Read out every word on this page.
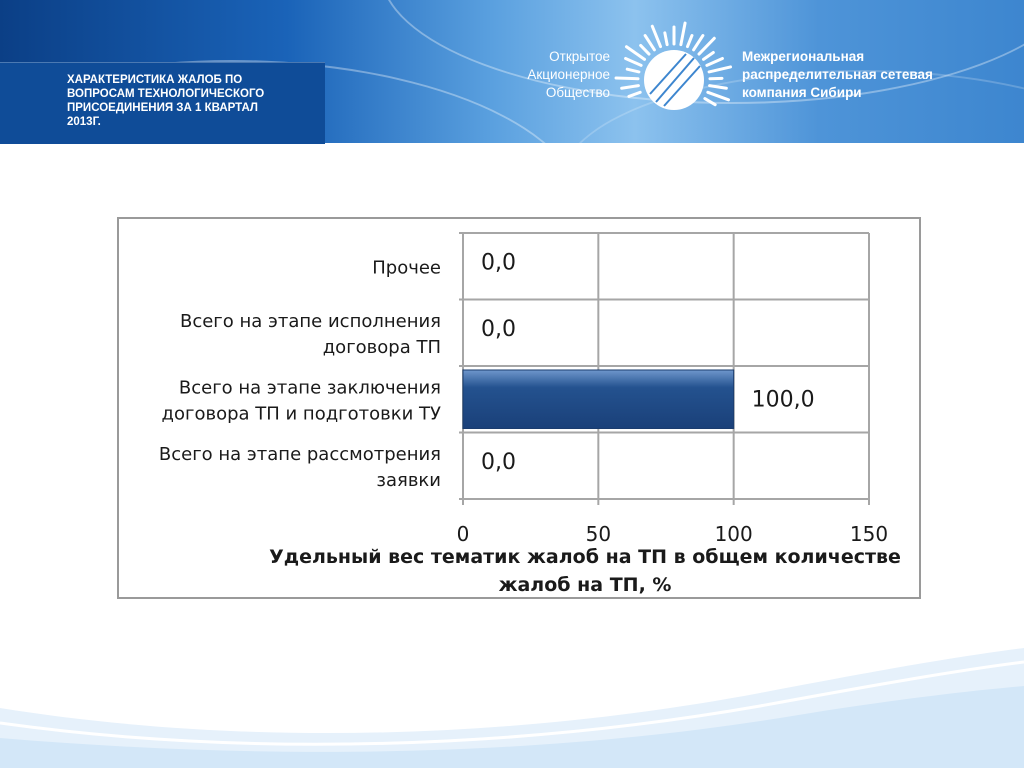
ХАРАКТЕРИСТИКА ЖАЛОБ ПО
ВОПРОСАМ ТЕХНОЛОГИЧЕСКОГО
ПРИСОЕДИНЕНИЯ ЗА 1 КВАРТАЛ
2013Г.
Открытое
Акционерное
Общество
Межрегиональная
распределительная сетевая
компания Сибири
Прочее
Всего на этапе исполнения договора ТП
Всего на этапе заключения договора ТП и подготовки ТУ
Всего на этапе рассмотрения заявки
0	50	100	150
0,0
0,0
100,0
0,0
Удельный вес тематик жалоб на ТП в общем количестве жалоб на ТП, %
